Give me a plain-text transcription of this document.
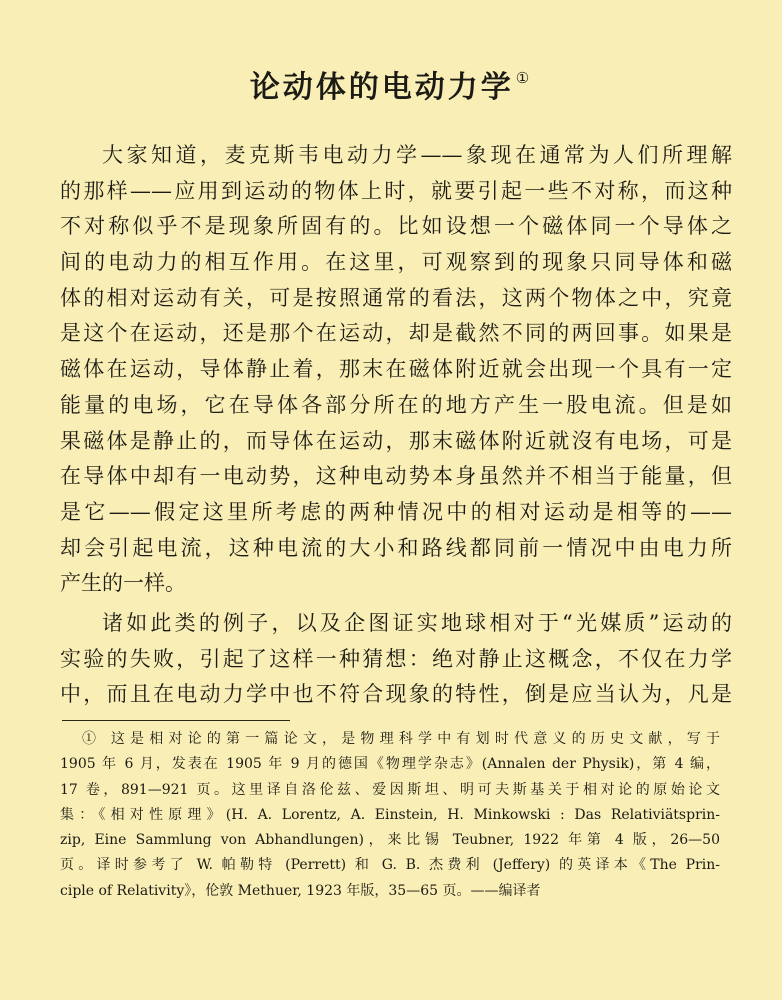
论动体的电动力学 ①
大家知道，麦克斯韦电动力学——象现在通常为人们所理解
的那样——应用到运动的物体上时，就要引起一些不对称，而这种
不对称似乎不是现象所固有的。比如设想一个磁体同一个导体之
间的电动力的相互作用。在这里，可观察到的现象只同导体和磁
体的相对运动有关，可是按照通常的看法，这两个物体之中，究竟
是这个在运动，还是那个在运动，却是截然不同的两回事。如果是
磁体在运动，导体静止着，那末在磁体附近就会出现一个具有一定
能量的电场，它在导体各部分所在的地方产生一股电流。但是如
果磁体是静止的，而导体在运动，那末磁体附近就沒有电场，可是
在导体中却有一电动势，这种电动势本身虽然并不相当于能量，但
是它——假定这里所考虑的两种情况中的相对运动是相等的——
却会引起电流，这种电流的大小和路线都同前一情况中由电力所
产生的一样。
诸如此类的例子，以及企图证实地球相对于“光媒质”运动的
实验的失败，引起了这样一种猜想：绝对静止这概念，不仅在力学
中，而且在电动力学中也不符合现象的特性，倒是应当认为，凡是
① 这是相对论的第一篇论文，是物理科学中有划时代意义的历史文献，写于
1905 年 6 月，发表在 1905 年 9 月的德国《物理学杂志》(Annalen der Physik)，第 4 编，
17 卷，891—921 页。这里译自洛伦兹、爱因斯坦、明可夫斯基关于相对论的原始论文
集：《相对性原理》(H. A. Lorentz, A. Einstein, H. Minkowski : Das Relativiätsprin-
zip, Eine Sammlung von Abhandlungen)，来比锡 Teubner, 1922 年第 4 版，26—50
页。译时参考了 W. 帕勒特 (Perrett) 和 G. B. 杰费利 (Jeffery) 的英译本《The Prin-
ciple of Relativity》，伦敦 Methuer, 1923 年版，35—65 页。——编译者
